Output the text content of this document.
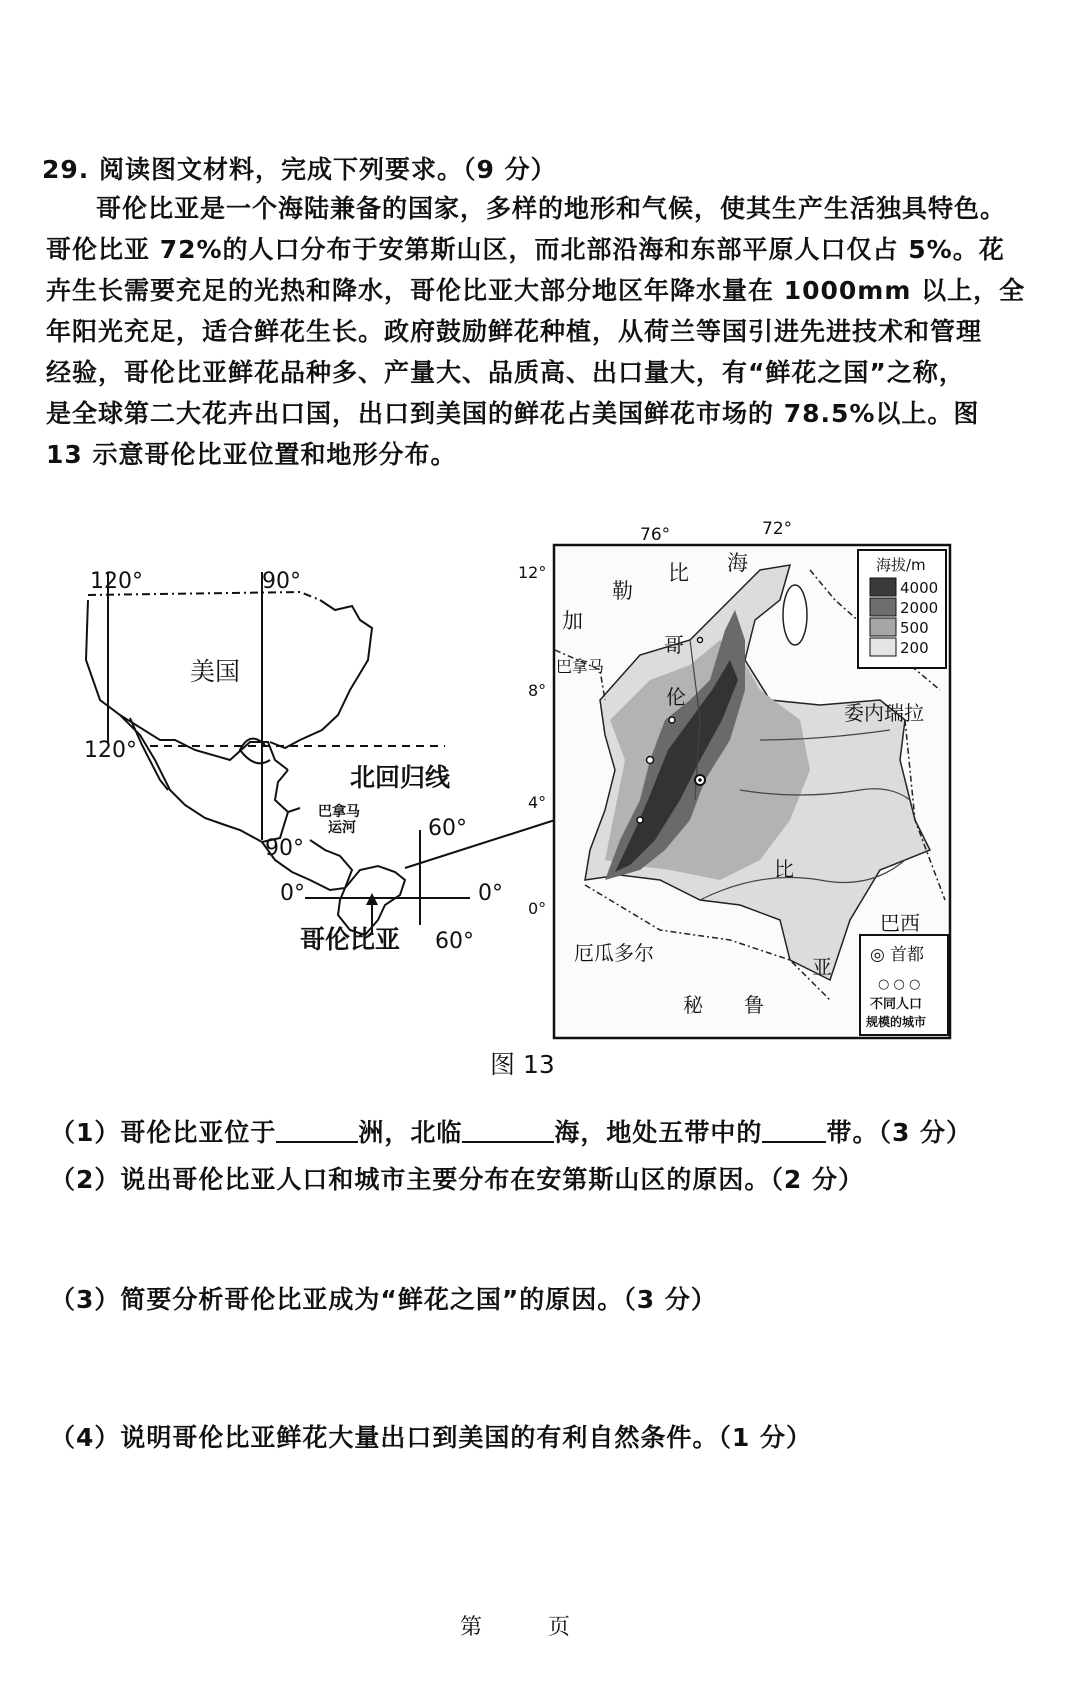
29. 阅读图文材料，完成下列要求。（9 分）
哥伦比亚是一个海陆兼备的国家，多样的地形和气候，使其生产生活独具特色。
哥伦比亚 72%的人口分布于安第斯山区，而北部沿海和东部平原人口仅占 5%。花
卉生长需要充足的光热和降水，哥伦比亚大部分地区年降水量在 1000mm 以上，全
年阳光充足，适合鲜花生长。政府鼓励鲜花种植，从荷兰等国引进先进技术和管理
经验，哥伦比亚鲜花品种多、产量大、品质高、出口量大，有“鲜花之国”之称，
是全球第二大花卉出口国，出口到美国的鲜花占美国鲜花市场的 78.5%以上。图
13 示意哥伦比亚位置和地形分布。
120°	90°
120°
美国
北回归线
巴拿马
运河
90°
60°
0°	0°
哥伦比亚 60°
76°	72°
12°
8°
4°
0°
加
勒
比 海
巴拿马
委内瑞拉
巴西
厄瓜多尔
秘 鲁
哥
伦
比
亚
海拔/m
4000
2000
500
200
◎ 首都
○ ○ ○
不同人口
规模的城市
图 13
（1）哥伦比亚位于	洲，北临	海，地处五带中的	带。（3 分）
（2）说出哥伦比亚人口和城市主要分布在安第斯山区的原因。（2 分）
（3）简要分析哥伦比亚成为“鲜花之国”的原因。（3 分）
（4）说明哥伦比亚鲜花大量出口到美国的有利自然条件。（1 分）
第	页
